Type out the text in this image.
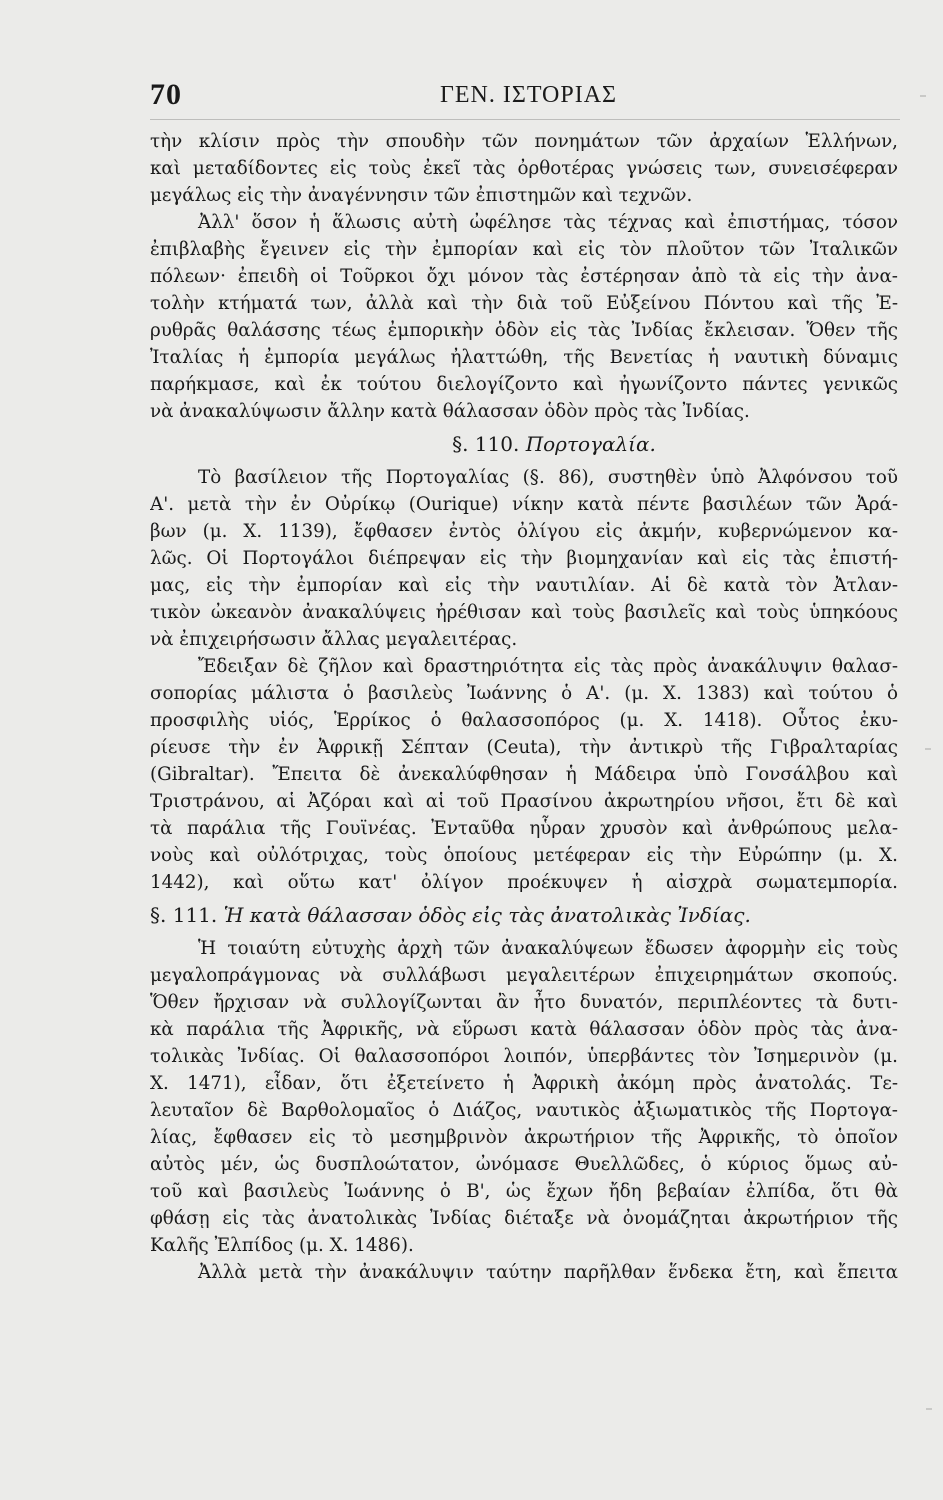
70	ΓΕΝ. ΙΣΤΟΡΙΑΣ
τὴν κλίσιν πρὸς τὴν σπουδὴν τῶν πονημάτων τῶν ἀρχαίων Ἑλλήνων,
καὶ μεταδίδοντες εἰς τοὺς ἐκεῖ τὰς ὀρθοτέρας γνώσεις των, συνεισέφεραν
μεγάλως εἰς τὴν ἀναγέννησιν τῶν ἐπιστημῶν καὶ τεχνῶν.
Ἀλλ' ὅσον ἡ ἅλωσις αὐτὴ ὠφέλησε τὰς τέχνας καὶ ἐπιστήμας, τόσον
ἐπιβλαβὴς ἔγεινεν εἰς τὴν ἐμπορίαν καὶ εἰς τὸν πλοῦτον τῶν Ἰταλικῶν
πόλεων· ἐπειδὴ οἱ Τοῦρκοι ὄχι μόνον τὰς ἐστέρησαν ἀπὸ τὰ εἰς τὴν ἀνα-
τολὴν κτήματά των, ἀλλὰ καὶ τὴν διὰ τοῦ Εὐξείνου Πόντου καὶ τῆς Ἐ-
ρυθρᾶς θαλάσσης τέως ἐμπορικὴν ὁδὸν εἰς τὰς Ἰνδίας ἔκλεισαν. Ὅθεν τῆς
Ἰταλίας ἡ ἐμπορία μεγάλως ἠλαττώθη, τῆς Βενετίας ἡ ναυτικὴ δύναμις
παρήκμασε, καὶ ἐκ τούτου διελογίζοντο καὶ ἠγωνίζοντο πάντες γενικῶς
νὰ ἀνακαλύψωσιν ἄλλην κατὰ θάλασσαν ὁδὸν πρὸς τὰς Ἰνδίας.
§. 110. Πορτογαλία.
Τὸ βασίλειον τῆς Πορτογαλίας (§. 86), συστηθὲν ὑπὸ Ἀλφόνσου τοῦ
Α'. μετὰ τὴν ἐν Οὐρίκῳ (Ourique) νίκην κατὰ πέντε βασιλέων τῶν Ἀρά-
βων (μ. Χ. 1139), ἔφθασεν ἐντὸς ὀλίγου εἰς ἀκμήν, κυβερνώμενον κα-
λῶς. Οἱ Πορτογάλοι διέπρεψαν εἰς τὴν βιομηχανίαν καὶ εἰς τὰς ἐπιστή-
μας, εἰς τὴν ἐμπορίαν καὶ εἰς τὴν ναυτιλίαν. Αἱ δὲ κατὰ τὸν Ἀτλαν-
τικὸν ὠκεανὸν ἀνακαλύψεις ἠρέθισαν καὶ τοὺς βασιλεῖς καὶ τοὺς ὑπηκόους
νὰ ἐπιχειρήσωσιν ἄλλας μεγαλειτέρας.
Ἔδειξαν δὲ ζῆλον καὶ δραστηριότητα εἰς τὰς πρὸς ἀνακάλυψιν θαλασ-
σοπορίας μάλιστα ὁ βασιλεὺς Ἰωάννης ὁ Α'. (μ. Χ. 1383) καὶ τούτου ὁ
προσφιλὴς υἱός, Ἑρρίκος ὁ θαλασσοπόρος (μ. Χ. 1418). Οὗτος ἐκυ-
ρίευσε τὴν ἐν Ἀφρικῇ Σέπταν (Ceuta), τὴν ἀντικρὺ τῆς Γιβραλταρίας
(Gibraltar). Ἔπειτα δὲ ἀνεκαλύφθησαν ἡ Μάδειρα ὑπὸ Γονσάλβου καὶ
Τριστράνου, αἱ Ἀζόραι καὶ αἱ τοῦ Πρασίνου ἀκρωτηρίου νῆσοι, ἔτι δὲ καὶ
τὰ παράλια τῆς Γουϊνέας. Ἐνταῦθα ηὗραν χρυσὸν καὶ ἀνθρώπους μελα-
νοὺς καὶ οὐλότριχας, τοὺς ὁποίους μετέφεραν εἰς τὴν Εὐρώπην (μ. Χ.
1442), καὶ οὕτω κατ' ὀλίγον προέκυψεν ἡ αἰσχρὰ σωματεμπορία.
§. 111. Ἡ κατὰ θάλασσαν ὁδὸς εἰς τὰς ἀνατολικὰς Ἰνδίας.
Ἡ τοιαύτη εὐτυχὴς ἀρχὴ τῶν ἀνακαλύψεων ἔδωσεν ἀφορμὴν εἰς τοὺς
μεγαλοπράγμονας νὰ συλλάβωσι μεγαλειτέρων ἐπιχειρημάτων σκοπούς.
Ὅθεν ἤρχισαν νὰ συλλογίζωνται ἂν ἦτο δυνατόν, περιπλέοντες τὰ δυτι-
κὰ παράλια τῆς Ἀφρικῆς, νὰ εὕρωσι κατὰ θάλασσαν ὁδὸν πρὸς τὰς ἀνα-
τολικὰς Ἰνδίας. Οἱ θαλασσοπόροι λοιπόν, ὑπερβάντες τὸν Ἰσημερινὸν (μ.
Χ. 1471), εἶδαν, ὅτι ἐξετείνετο ἡ Ἀφρικὴ ἀκόμη πρὸς ἀνατολάς. Τε-
λευταῖον δὲ Βαρθολομαῖος ὁ Διάζος, ναυτικὸς ἀξιωματικὸς τῆς Πορτογα-
λίας, ἔφθασεν εἰς τὸ μεσημβρινὸν ἀκρωτήριον τῆς Ἀφρικῆς, τὸ ὁποῖον
αὐτὸς μέν, ὡς δυσπλοώτατον, ὠνόμασε Θυελλῶδες, ὁ κύριος ὅμως αὐ-
τοῦ καὶ βασιλεὺς Ἰωάννης ὁ Β', ὡς ἔχων ἤδη βεβαίαν ἐλπίδα, ὅτι θὰ
φθάσῃ εἰς τὰς ἀνατολικὰς Ἰνδίας διέταξε νὰ ὀνομάζηται ἀκρωτήριον τῆς
Καλῆς Ἐλπίδος (μ. Χ. 1486).
Ἀλλὰ μετὰ τὴν ἀνακάλυψιν ταύτην παρῆλθαν ἕνδεκα ἔτη, καὶ ἔπειτα
